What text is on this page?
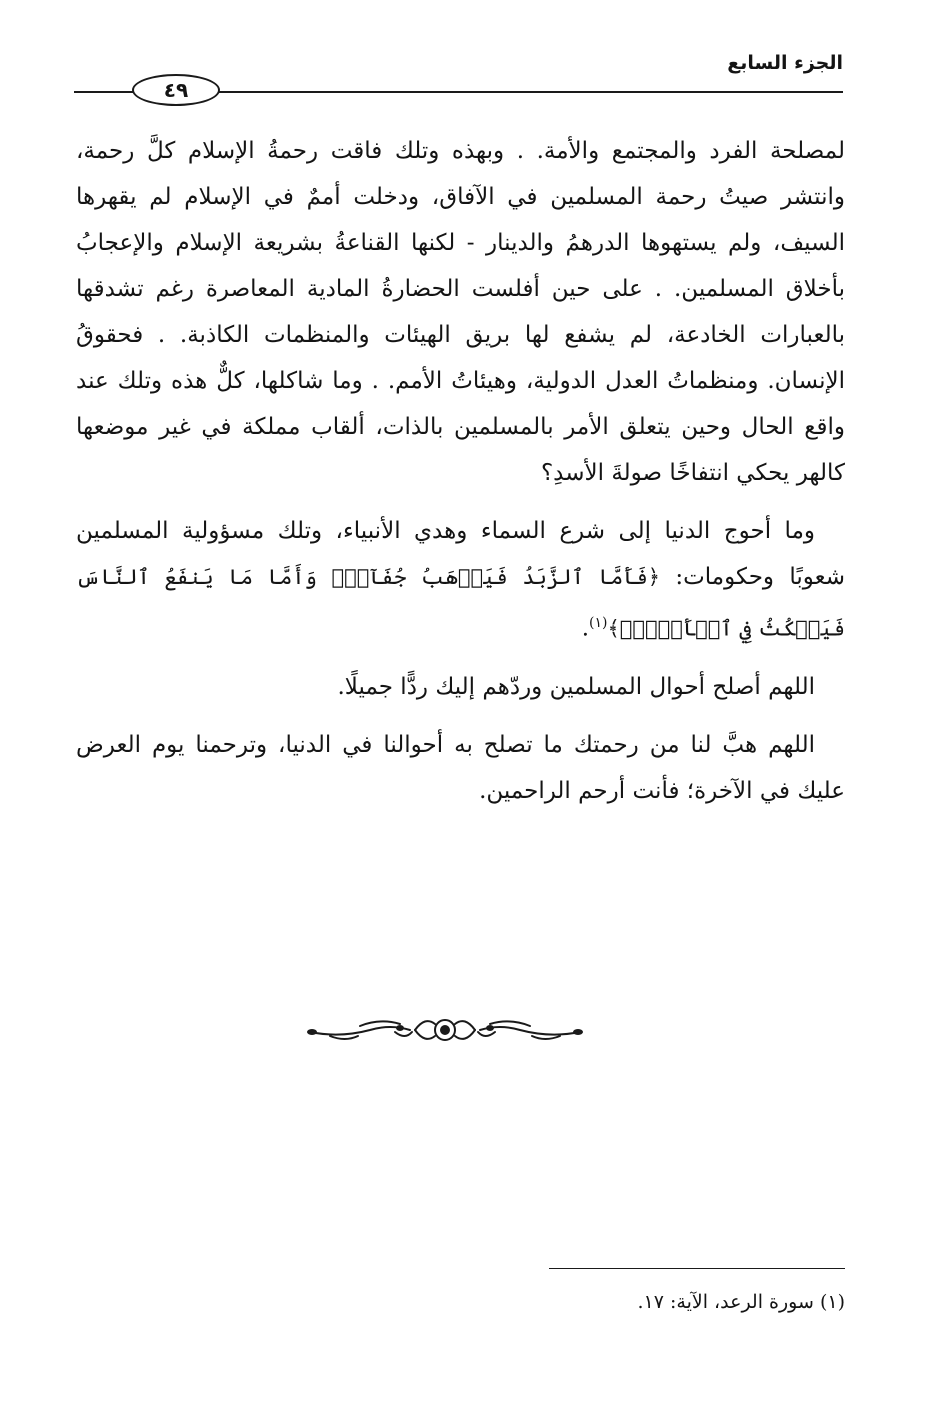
الجزء السابع
٤٩

لمصلحة الفرد والمجتمع والأمة. . وبهذه وتلك فاقت رحمةُ الإسلام كلَّ رحمة، وانتشر صيتُ رحمة المسلمين في الآفاق، ودخلت أممٌ في الإسلام لم يقهرها السيف، ولم يستهوها الدرهمُ والدينار - لكنها القناعةُ بشريعة الإسلام والإعجابُ بأخلاق المسلمين. . على حين أفلست الحضارةُ المادية المعاصرة رغم تشدقها بالعبارات الخادعة، لم يشفع لها بريق الهيئات والمنظمات الكاذبة. . فحقوقُ الإنسان. ومنظماتُ العدل الدولية، وهيئاتُ الأمم. . وما شاكلها، كلٌّ هذه وتلك عند واقع الحال وحين يتعلق الأمر بالمسلمين بالذات، ألقاب مملكة في غير موضعها كالهر يحكي انتفاخًا صولةَ الأسدِ؟

وما أحوج الدنيا إلى شرع السماء وهدي الأنبياء، وتلك مسؤولية المسلمين شعوبًا وحكومات: ﴿فَأَمَّا ٱلزَّبَدُ فَيَذۡهَبُ جُفَآءٗۖ وَأَمَّا مَا يَنفَعُ ٱلنَّاسَ فَيَمۡكُثُ فِي ٱلۡأَرۡضِۚ﴾$^{(١)}$.

اللهم أصلح أحوال المسلمين وردّهم إليك ردًّا جميلًا.

اللهم هبَّ لنا من رحمتك ما تصلح به أحوالنا في الدنيا، وترحمنا يوم العرض عليك في الآخرة؛ فأنت أرحم الراحمين.

(١) سورة الرعد، الآية: ١٧.
